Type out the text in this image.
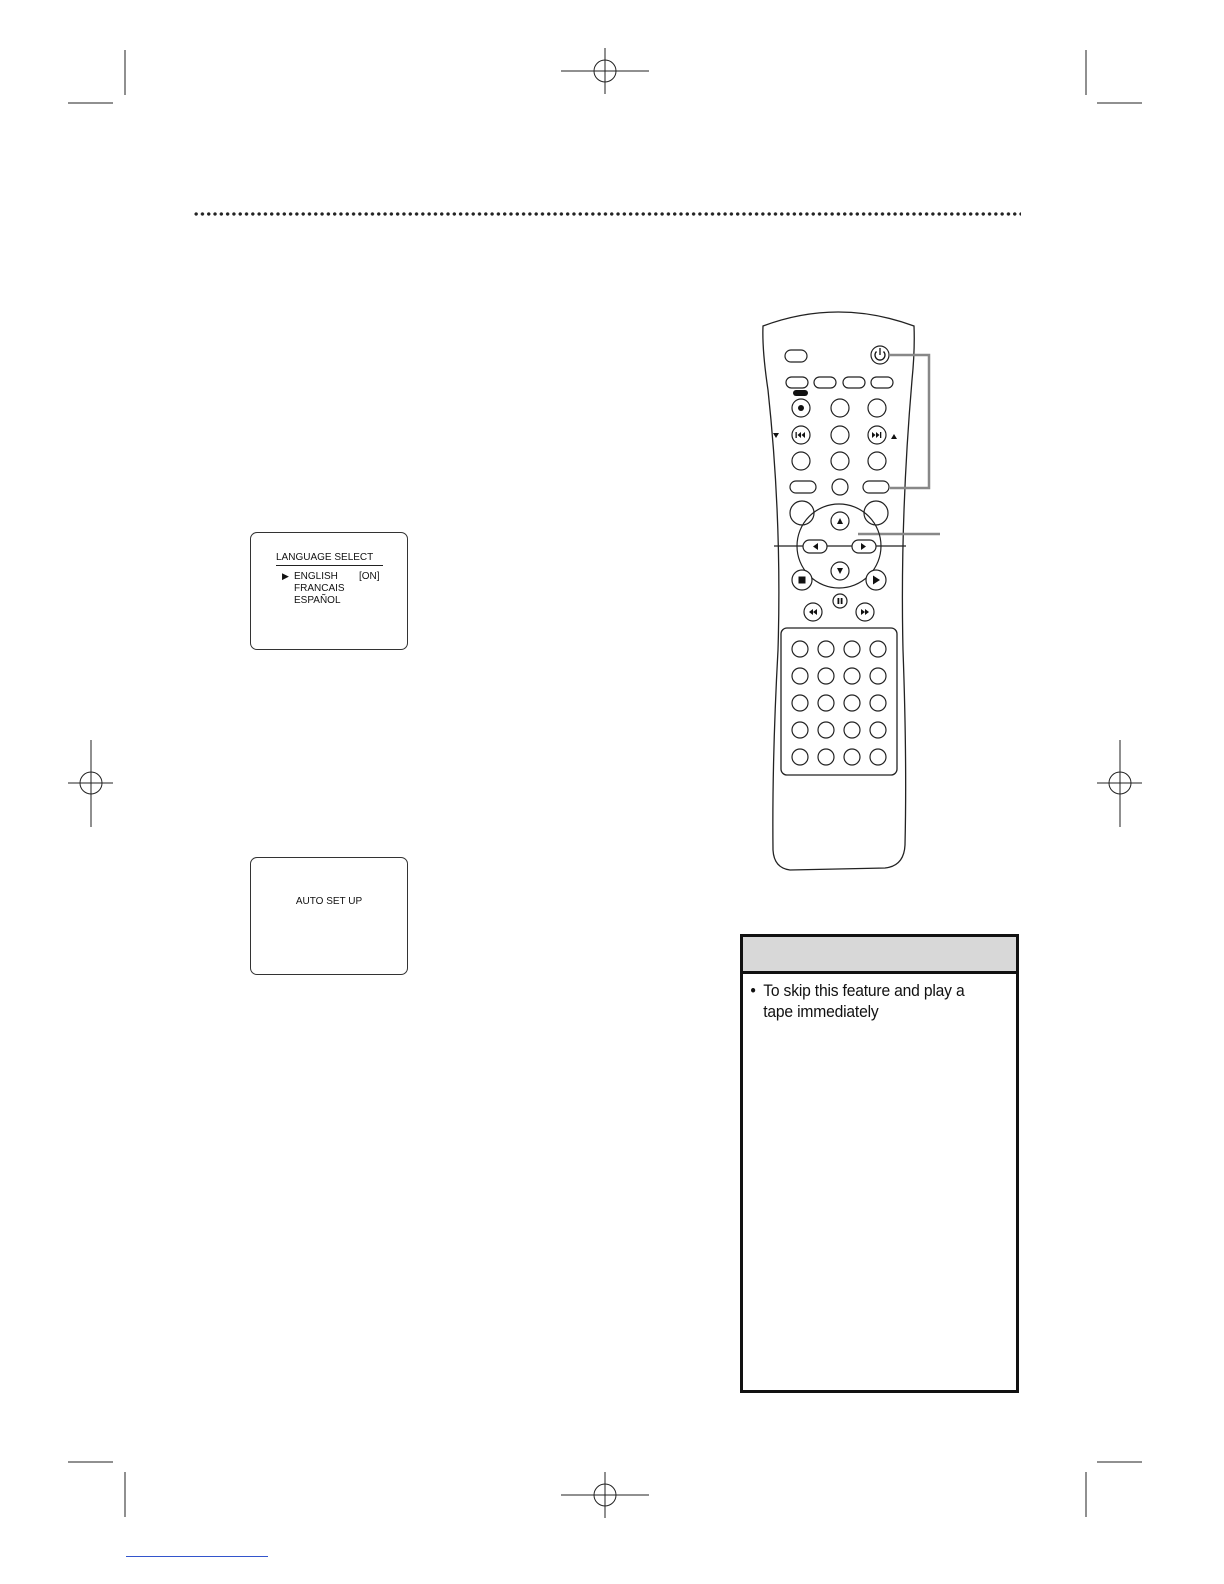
LANGUAGE SELECT
▶ ENGLISH [ON]
FRANCAIS
ESPAÑOL
AUTO SET UP
• To skip this feature and play a tape immediately
